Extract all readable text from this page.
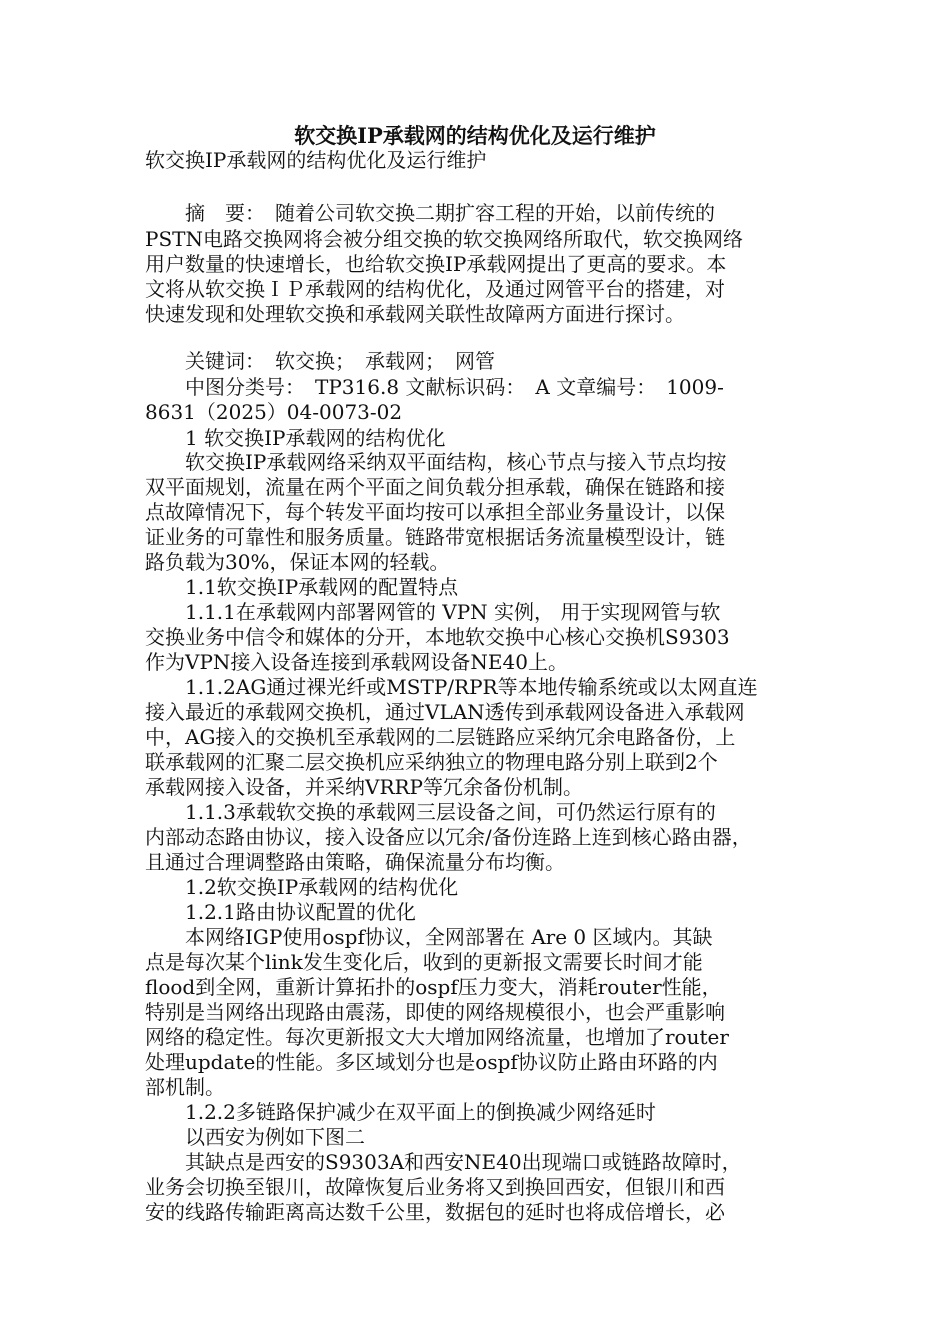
软交换IP承载网的结构优化及运行维护
软交换IP承载网的结构优化及运行维护
　　摘　要：　随着公司软交换二期扩容工程的开始，以前传统的
PSTN电路交换网将会被分组交换的软交换网络所取代，软交换网络
用户数量的快速增长，也给软交换IP承载网提出了更高的要求。本
文将从软交换ＩＰ承载网的结构优化，及通过网管平台的搭建，对
快速发现和处理软交换和承载网关联性故障两方面进行探讨。
　　关键词：　软交换；　承载网；　网管
　　中图分类号：　TP316.8 文献标识码：　A 文章编号：　1009-
8631（2025）04-0073-02
　　1 软交换IP承载网的结构优化
　　软交换IP承载网络采纳双平面结构，核心节点与接入节点均按
双平面规划，流量在两个平面之间负载分担承载，确保在链路和接
点故障情况下，每个转发平面均按可以承担全部业务量设计，以保
证业务的可靠性和服务质量。链路带宽根据话务流量模型设计，链
路负载为30%，保证本网的轻载。
　　1.1软交换IP承载网的配置特点
　　1.1.1在承载网内部署网管的 VPN 实例， 用于实现网管与软
交换业务中信令和媒体的分开，本地软交换中心核心交换机S9303
作为VPN接入设备连接到承载网设备NE40上。
　　1.1.2AG通过裸光纤或MSTP/RPR等本地传输系统或以太网直连
接入最近的承载网交换机，通过VLAN透传到承载网设备进入承载网
中，AG接入的交换机至承载网的二层链路应采纳冗余电路备份，上
联承载网的汇聚二层交换机应采纳独立的物理电路分别上联到2个
承载网接入设备，并采纳VRRP等冗余备份机制。
　　1.1.3承载软交换的承载网三层设备之间，可仍然运行原有的
内部动态路由协议，接入设备应以冗余/备份连路上连到核心路由器，
且通过合理调整路由策略，确保流量分布均衡。
　　1.2软交换IP承载网的结构优化
　　1.2.1路由协议配置的优化
　　本网络IGP使用ospf协议，全网部署在 Are 0 区域内。其缺
点是每次某个link发生变化后，收到的更新报文需要长时间才能
flood到全网，重新计算拓扑的ospf压力变大，消耗router性能，
特别是当网络出现路由震荡，即使的网络规模很小，也会严重影响
网络的稳定性。每次更新报文大大增加网络流量，也增加了router
处理update的性能。多区域划分也是ospf协议防止路由环路的内
部机制。
　　1.2.2多链路保护减少在双平面上的倒换减少网络延时
　　以西安为例如下图二
　　其缺点是西安的S9303A和西安NE40出现端口或链路故障时，
业务会切换至银川，故障恢复后业务将又到换回西安，但银川和西
安的线路传输距离高达数千公里，数据包的延时也将成倍增长，必
